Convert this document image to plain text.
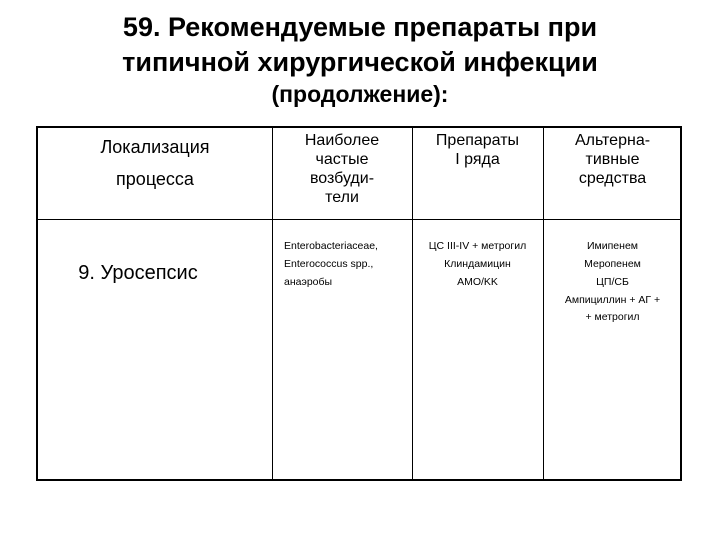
59. Рекомендуемые препараты при
типичной хирургической инфекции
(продолжение):
Локализация
процесса
Наиболее
частые
возбуди-
тели
Препараты
I ряда
Альтерна-
тивные
средства
9. Уросепсис
Enterobacteriaceae,
Enterococcus spp.,
анаэробы
ЦС III-IV + метрогил
Клиндамицин
AMO/KK
Имипенем
Меропенем
ЦП/СБ
Ампициллин + АГ +
+ метрогил
